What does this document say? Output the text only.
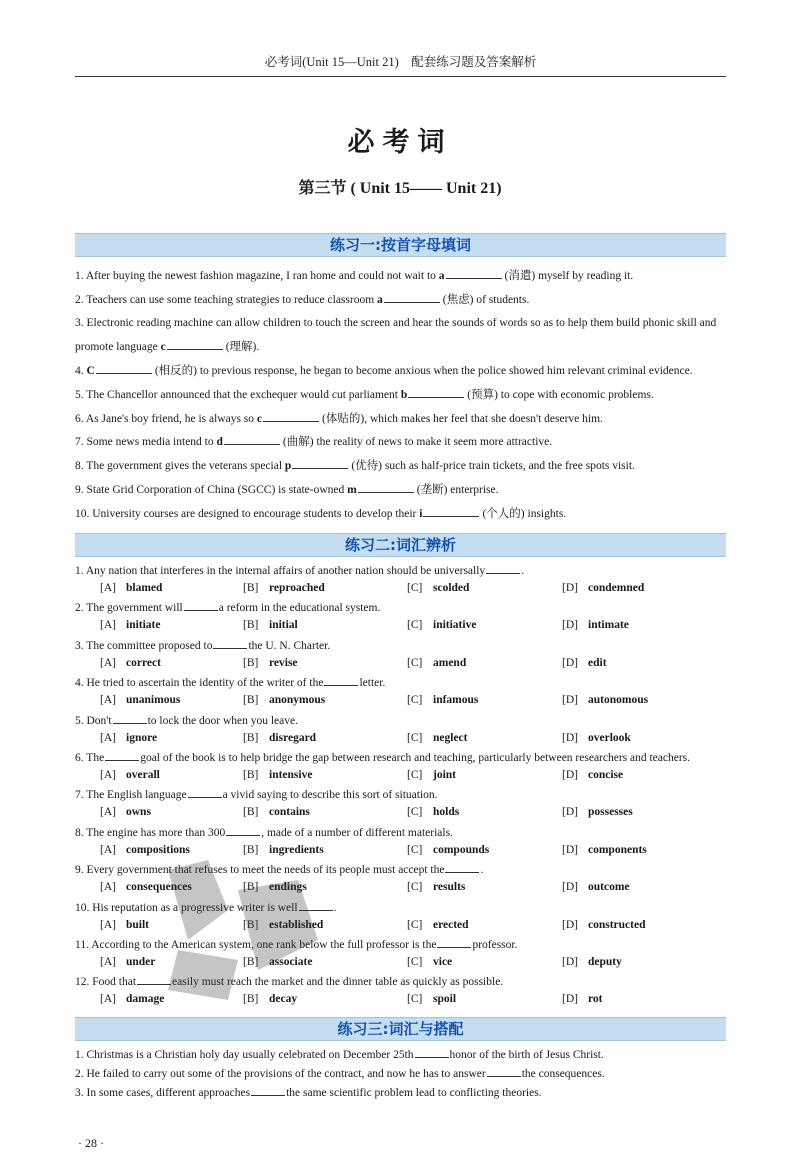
必考词(Unit 15—Unit 21)　配套练习题及答案解析
必考词
第三节 ( Unit 15—— Unit 21)
练习一:按首字母填词
1. After buying the newest fashion magazine, I ran home and could not wait to a	(消遣) myself by reading it.
2. Teachers can use some teaching strategies to reduce classroom a	(焦虑) of students.
3. Electronic reading machine can allow children to touch the screen and hear the sounds of words so as to help them build phonic skill and promote language c	(理解).
4. C	(相反的) to previous response, he began to become anxious when the police showed him relevant criminal evidence.
5. The Chancellor announced that the exchequer would cut parliament b	(预算) to cope with economic problems.
6. As Jane's boy friend, he is always so c	(体贴的), which makes her feel that she doesn't deserve him.
7. Some news media intend to d	(曲解) the reality of news to make it seem more attractive.
8. The government gives the veterans special p	(优待) such as half-price train tickets, and the free spots visit.
9. State Grid Corporation of China (SGCC) is state-owned m	(垄断) enterprise.
10. University courses are designed to encourage students to develop their i	(个人的) insights.
练习二:词汇辨析
1. Any nation that interferes in the internal affairs of another nation should be universally	.
[A] blamed	[B] reproached	[C] scolded	[D] condemned
2. The government will	a reform in the educational system.
[A] initiate	[B] initial	[C] initiative	[D] intimate
3. The committee proposed to	the U. N. Charter.
[A] correct	[B] revise	[C] amend	[D] edit
4. He tried to ascertain the identity of the writer of the	letter.
[A] unanimous	[B] anonymous	[C] infamous	[D] autonomous
5. Don't	to lock the door when you leave.
[A] ignore	[B] disregard	[C] neglect	[D] overlook
6. The	goal of the book is to help bridge the gap between research and teaching, particularly between researchers and teachers.
[A] overall	[B] intensive	[C] joint	[D] concise
7. The English language	a vivid saying to describe this sort of situation.
[A] owns	[B] contains	[C] holds	[D] possesses
8. The engine has more than 300	, made of a number of different materials.
[A] compositions	[B] ingredients	[C] compounds	[D] components
9. Every government that refuses to meet the needs of its people must accept the	.
[A] consequences	[B] endings	[C] results	[D] outcome
10. His reputation as a progressive writer is well	.
[A] built	[B] established	[C] erected	[D] constructed
11. According to the American system, one rank below the full professor is the	professor.
[A] under	[B] associate	[C] vice	[D] deputy
12. Food that	easily must reach the market and the dinner table as quickly as possible.
[A] damage	[B] decay	[C] spoil	[D] rot
练习三:词汇与搭配
1. Christmas is a Christian holy day usually celebrated on December 25th	honor of the birth of Jesus Christ.
2. He failed to carry out some of the provisions of the contract, and now he has to answer	the consequences.
3. In some cases, different approaches	the same scientific problem lead to conflicting theories.
· 28 ·
